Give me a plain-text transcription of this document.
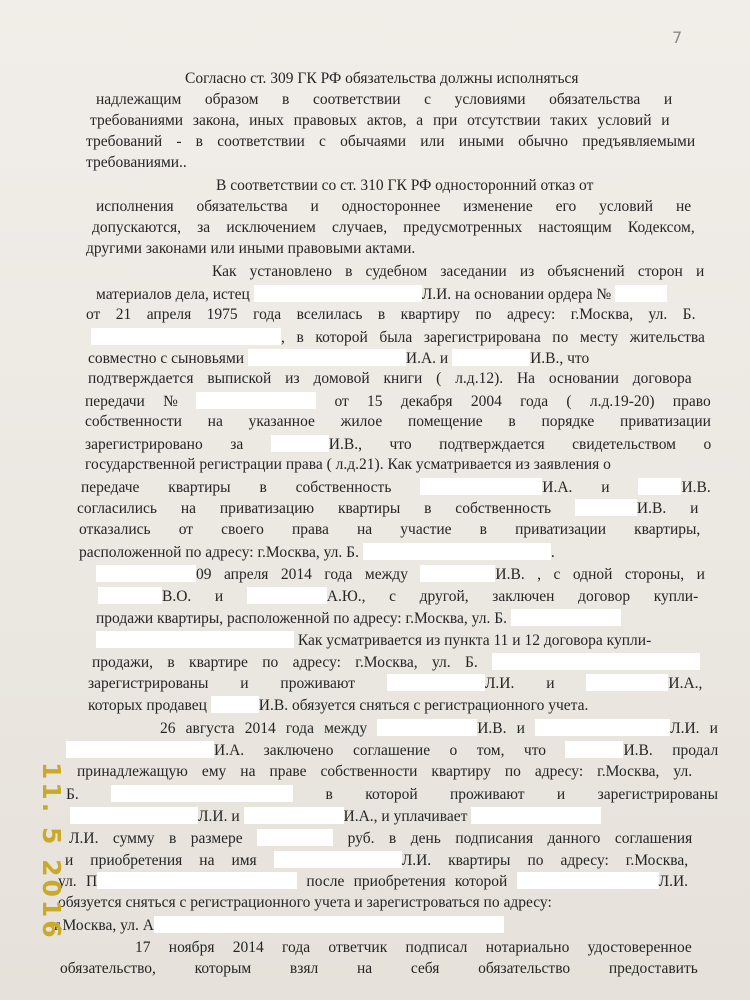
7
Согласно ст. 309 ГК РФ обязательства должны исполняться
надлежащим образом в соответствии с условиями обязательства и
требованиями закона, иных правовых актов, а при отсутствии таких условий и
требований - в соответствии с обычаями или иными обычно предъявляемыми
требованиями..
В соответствии со ст. 310 ГК РФ односторонний отказ от
исполнения обязательства и одностороннее изменение его условий не
допускаются, за исключением случаев, предусмотренных настоящим Кодексом,
другими законами или иными правовыми актами.
Как установлено в судебном заседании из объяснений сторон и
материалов дела, истец	Л.И. на основании ордера №
от 21 апреля 1975 года вселилась в квартиру по адресу: г.Москва, ул. Б.
, в которой была зарегистрирована по месту жительства
совместно с сыновьями	И.А. и	И.В., что
подтверждается выпиской из домовой книги ( л.д.12). На основании договора
передачи №	от 15 декабря 2004 года ( л.д.19-20) право
собственности на указанное жилое помещение в порядке приватизации
зарегистрировано за	И.В., что подтверждается свидетельством о
государственной регистрации права ( л.д.21). Как усматривается из заявления о
передаче квартиры в собственность	И.А. и	И.В.
согласились на приватизацию квартиры в собственность	И.В. и
отказались от своего права на участие в приватизации квартиры,
расположенной по адресу: г.Москва, ул. Б.	.
09 апреля 2014 года между	И.В. , с одной стороны, и
В.О. и	А.Ю., с другой, заключен договор купли-
продажи квартиры, расположенной по адресу: г.Москва, ул. Б.
Как усматривается из пункта 11 и 12 договора купли-
продажи, в квартире по адресу: г.Москва, ул. Б.
зарегистрированы и проживают	Л.И. и	И.А.,
которых продавец	И.В. обязуется сняться с регистрационного учета.
26 августа 2014 года между	И.В. и	Л.И. и
И.А. заключено соглашение о том, что	И.В. продал
принадлежащую ему на праве собственности квартиру по адресу: г.Москва, ул.
Б.	в которой проживают и зарегистрированы
Л.И. и	И.А., и уплачивает
Л.И. сумму в размере	руб. в день подписания данного соглашения
и приобретения на имя	Л.И. квартиры по адресу: г.Москва,
ул. П	после приобретения которой	Л.И.
обязуется сняться с регистрационного учета и зарегистроваться по адресу:
г.Москва, ул. А
17 ноября 2014 года ответчик подписал нотариально удостоверенное
обязательство, которым взял на себя обязательство предоставить
11. 5 2016
